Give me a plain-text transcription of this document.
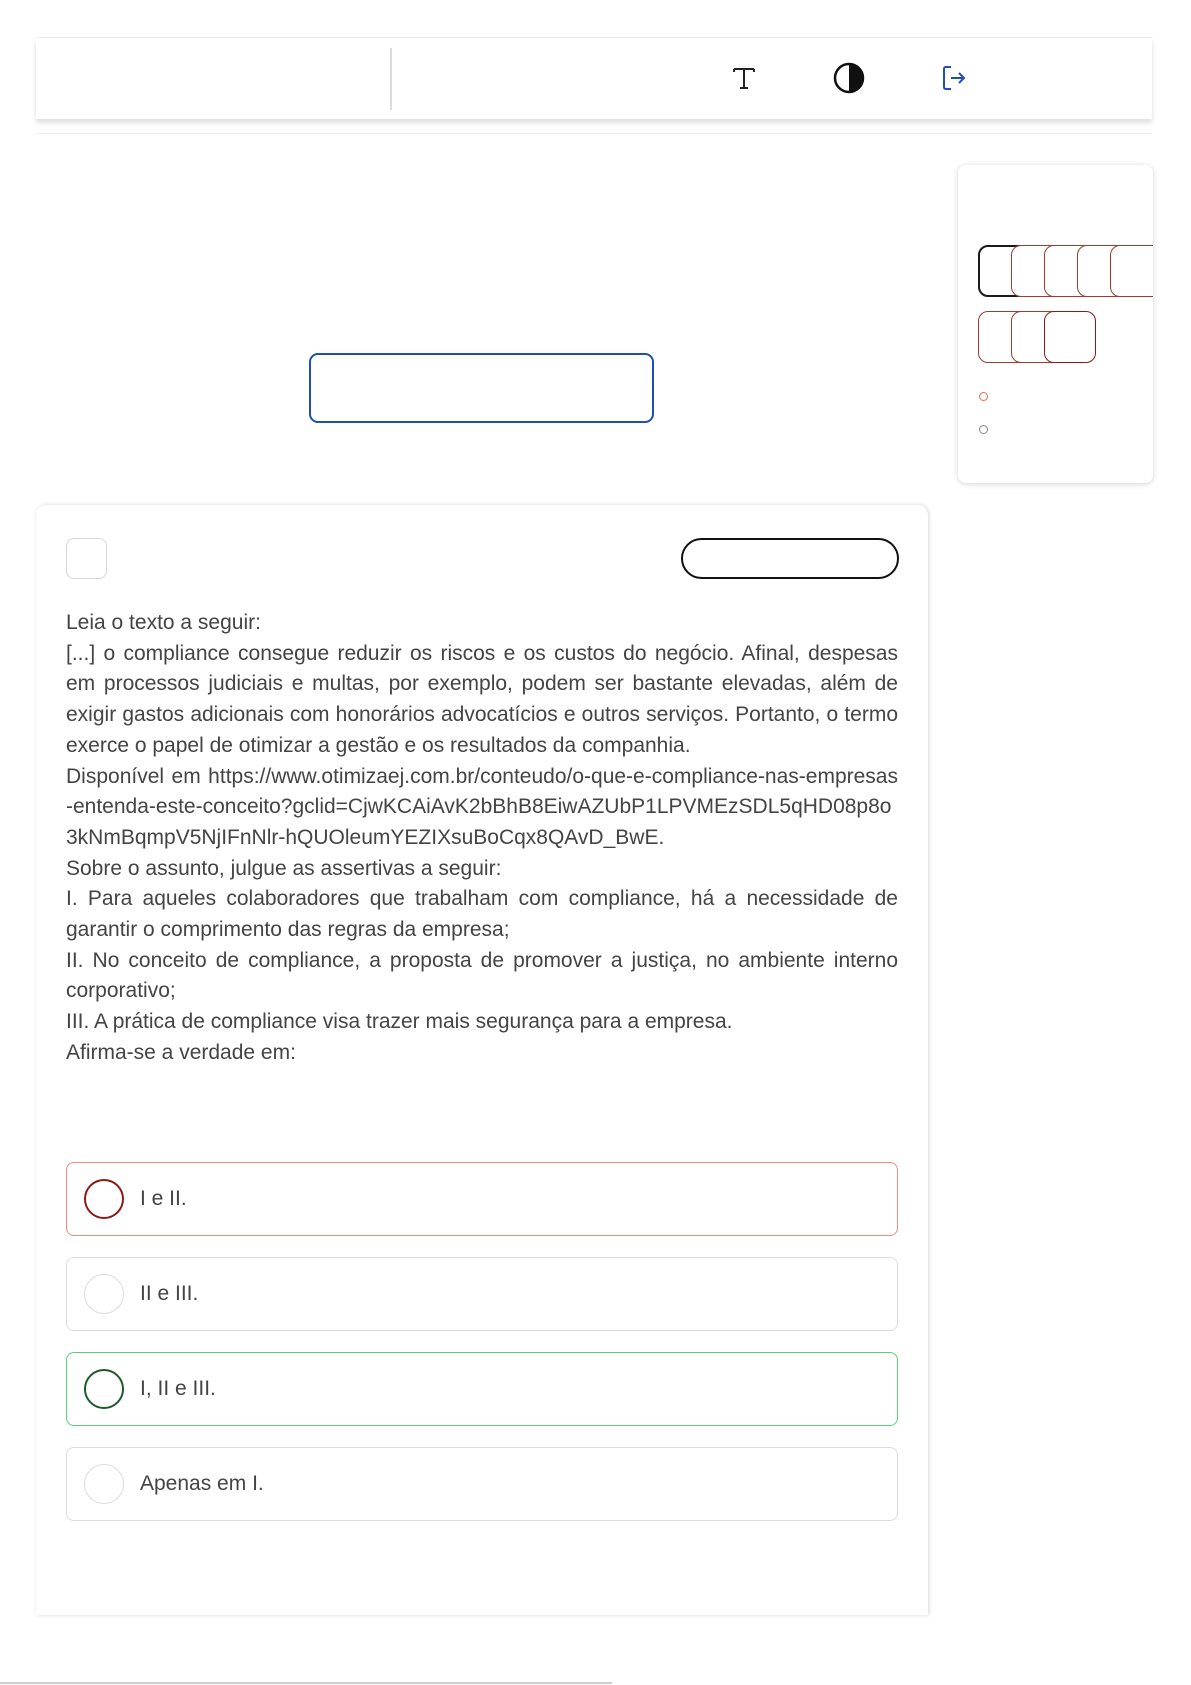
Leia o texto a seguir:

[...] o compliance consegue reduzir os riscos e os custos do negócio. Afinal, despesas em processos judiciais e multas, por exemplo, podem ser bastante elevadas, além de exigir gastos adicionais com honorários advocatícios e outros serviços. Portanto, o termo exerce o papel de otimizar a gestão e os resultados da companhia.

Disponível em https://www.otimizaej.com.br/conteudo/o-que-e-compliance-nas-empresas-entenda-este-conceito?gclid=CjwKCAiAvK2bBhB8EiwAZUbP1LPVMEzSDL5qHD08p8o3kNmBqmpV5NjIFnNlr-hQUOleumYEZIXsuBoCqx8QAvD_BwE.

Sobre o assunto, julgue as assertivas a seguir:

I. Para aqueles colaboradores que trabalham com compliance, há a necessidade de garantir o comprimento das regras da empresa;

II. No conceito de compliance, a proposta de promover a justiça, no ambiente interno corporativo;

III. A prática de compliance visa trazer mais segurança para a empresa.

Afirma-se a verdade em:

I e II.
II e III.
I, II e III.
Apenas em I.
